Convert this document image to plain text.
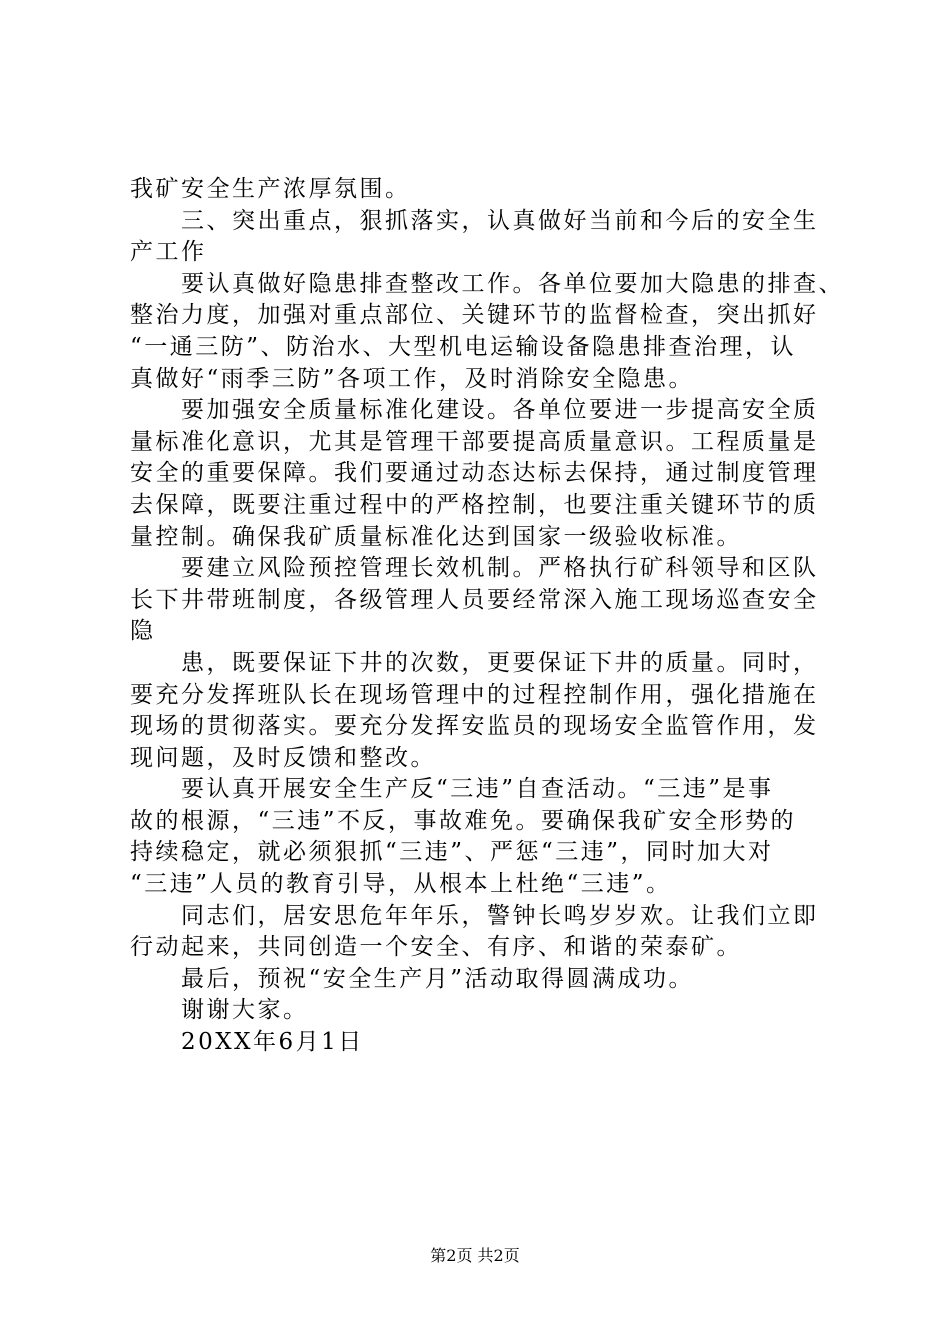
我矿安全生产浓厚氛围。
三、突出重点，狠抓落实，认真做好当前和今后的安全生
产工作
要认真做好隐患排查整改工作。各单位要加大隐患的排查、
整治力度，加强对重点部位、关键环节的监督检查，突出抓好
“一通三防”、防治水、大型机电运输设备隐患排查治理，认
真做好“雨季三防”各项工作，及时消除安全隐患。
要加强安全质量标准化建设。各单位要进一步提高安全质
量标准化意识，尤其是管理干部要提高质量意识。工程质量是
安全的重要保障。我们要通过动态达标去保持，通过制度管理
去保障，既要注重过程中的严格控制，也要注重关键环节的质
量控制。确保我矿质量标准化达到国家一级验收标准。
要建立风险预控管理长效机制。严格执行矿科领导和区队
长下井带班制度，各级管理人员要经常深入施工现场巡查安全
隐
患，既要保证下井的次数，更要保证下井的质量。同时，
要充分发挥班队长在现场管理中的过程控制作用，强化措施在
现场的贯彻落实。要充分发挥安监员的现场安全监管作用，发
现问题，及时反馈和整改。
要认真开展安全生产反“三违”自查活动。“三违”是事
故的根源，“三违”不反，事故难免。要确保我矿安全形势的
持续稳定，就必须狠抓“三违”、严惩“三违”，同时加大对
“三违”人员的教育引导，从根本上杜绝“三违”。
同志们，居安思危年年乐，警钟长鸣岁岁欢。让我们立即
行动起来，共同创造一个安全、有序、和谐的荣泰矿。
最后，预祝“安全生产月”活动取得圆满成功。
谢谢大家。
20XX年6月1日
第2页 共2页
